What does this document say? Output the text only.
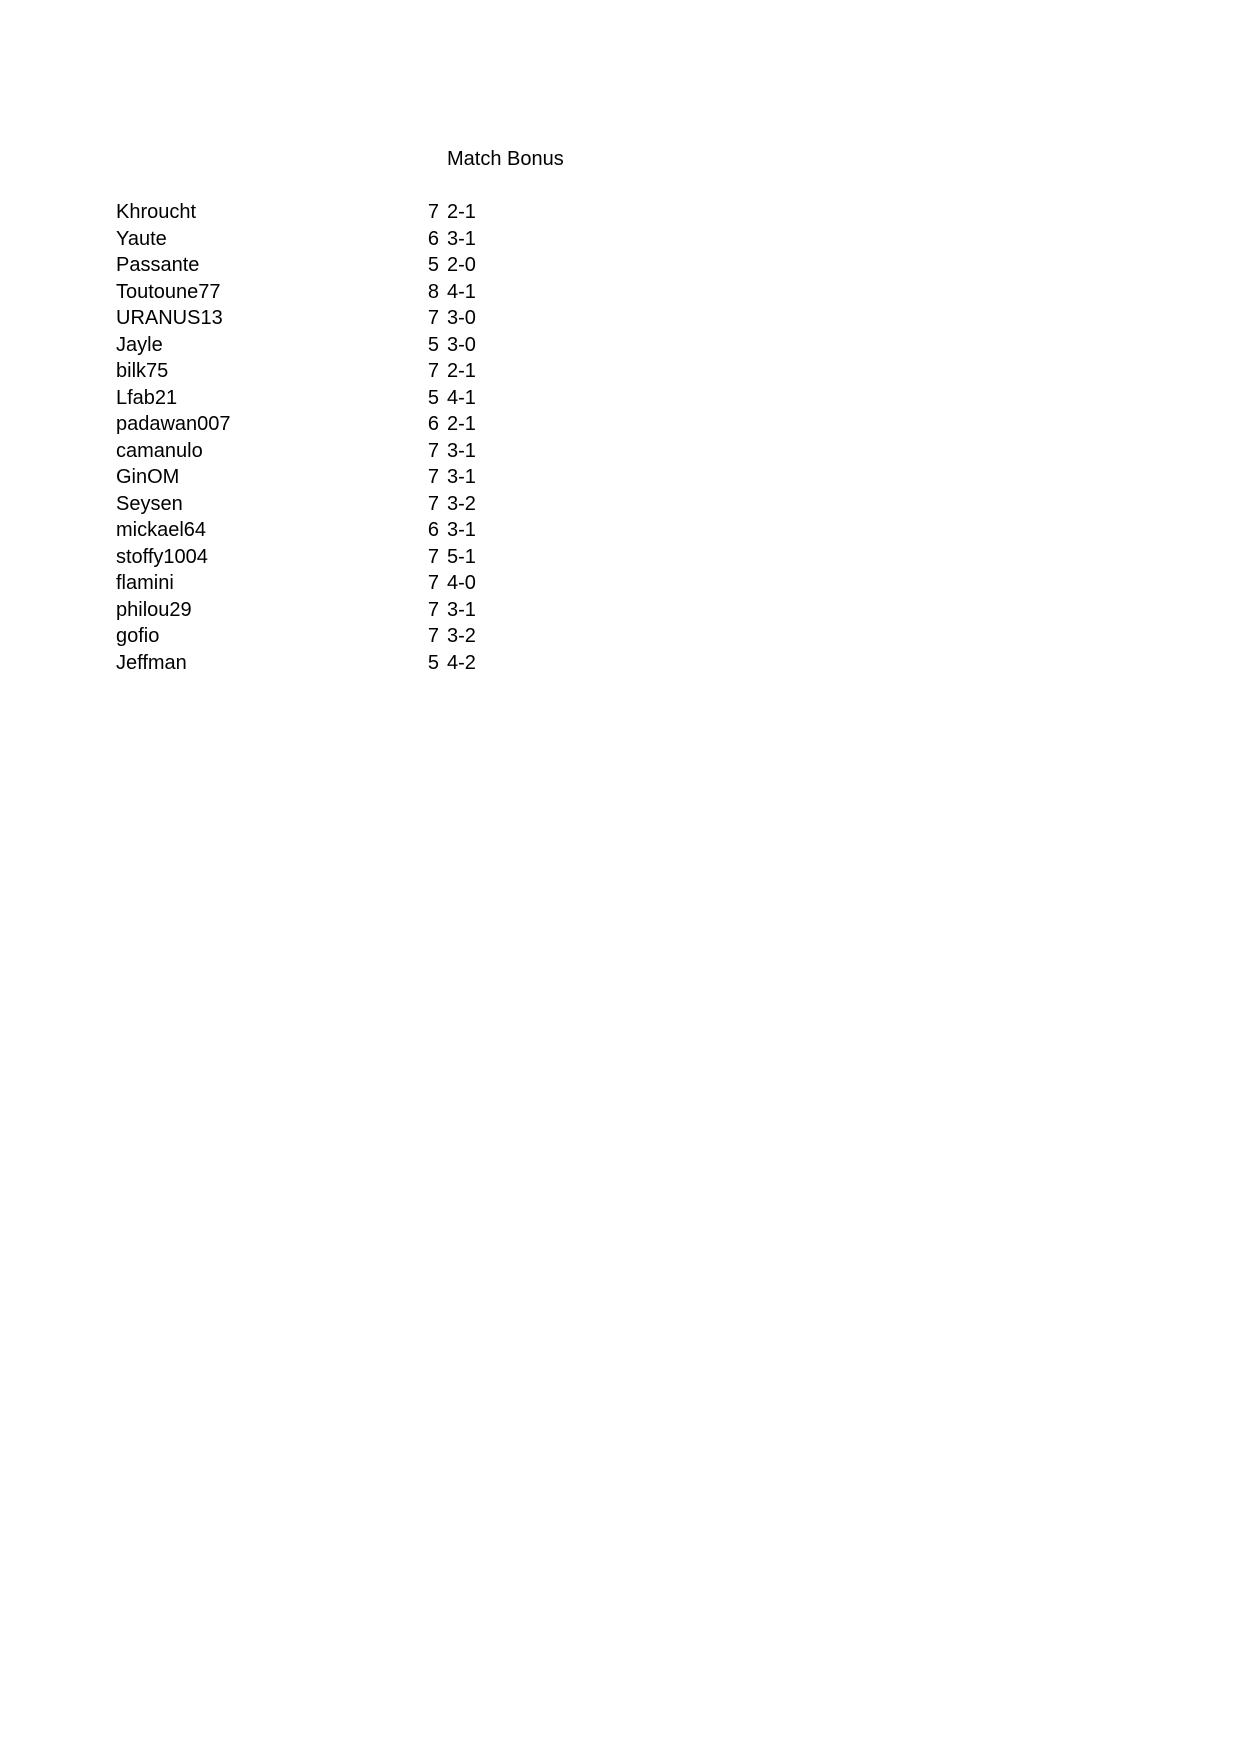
Match Bonus
Khroucht	7 2-1
Yaute	6 3-1
Passante	5 2-0
Toutoune77	8 4-1
URANUS13	7 3-0
Jayle	5 3-0
bilk75	7 2-1
Lfab21	5 4-1
padawan007	6 2-1
camanulo	7 3-1
GinOM	7 3-1
Seysen	7 3-2
mickael64	6 3-1
stoffy1004	7 5-1
flamini	7 4-0
philou29	7 3-1
gofio	7 3-2
Jeffman	5 4-2
